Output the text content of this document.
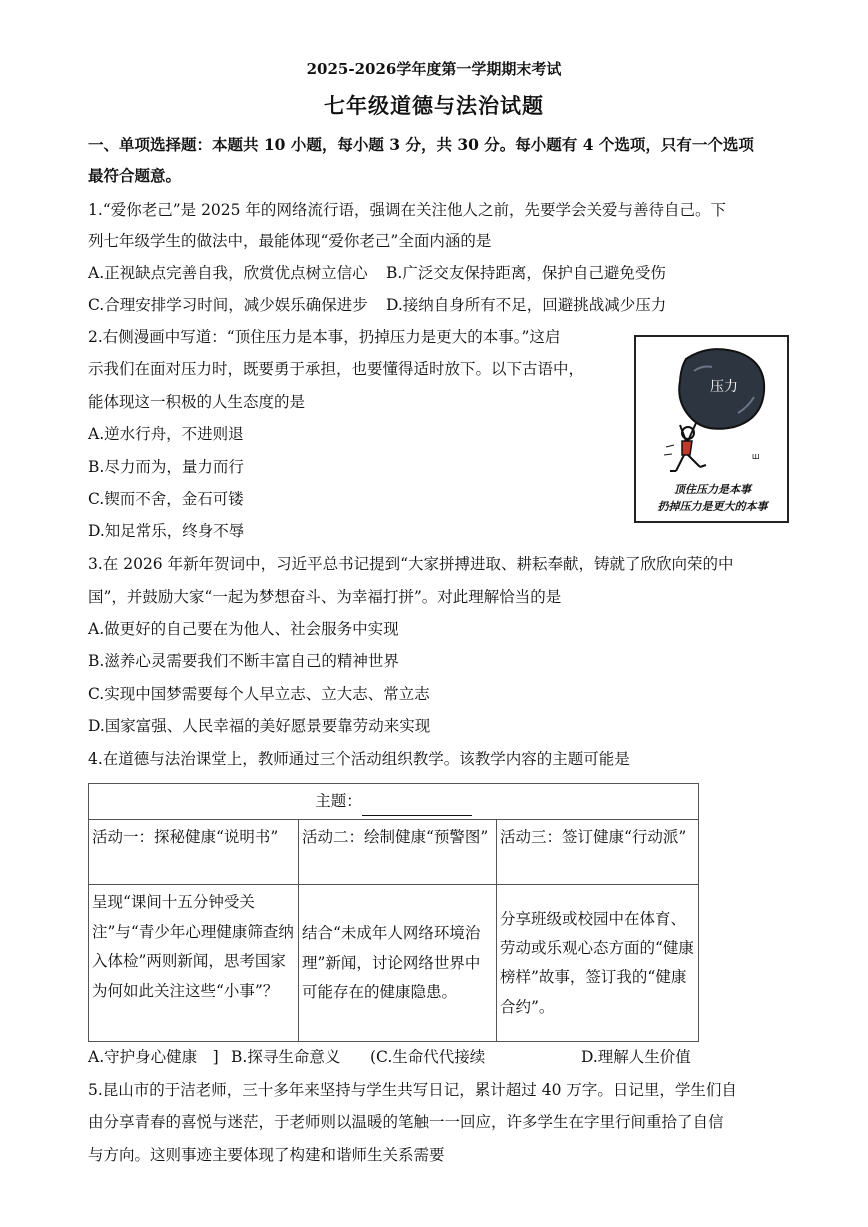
2025-2026学年度第一学期期末考试
七年级道德与法治试题
一、单项选择题：本题共 10 小题，每小题 3 分，共 30 分。每小题有 4 个选项，只有一个选项
最符合题意。
1.“爱你老己”是 2025 年的网络流行语，强调在关注他人之前，先要学会关爱与善待自己。下
列七年级学生的做法中，最能体现“爱你老己”全面内涵的是
A.正视缺点完善自我，欣赏优点树立信心 B.广泛交友保持距离，保护自己避免受伤
C.合理安排学习时间，减少娱乐确保进步 D.接纳自身所有不足，回避挑战减少压力
2.右侧漫画中写道：“顶住压力是本事，扔掉压力是更大的本事。”这启
示我们在面对压力时，既要勇于承担，也要懂得适时放下。以下古语中，
能体现这一积极的人生态度的是
A.逆水行舟，不进则退
B.尽力而为，量力而行
C.锲而不舍，金石可镂
D.知足常乐，终身不辱
Ш
压力
顶住压力是本事
扔掉压力是更大的本事
3.在 2026 年新年贺词中，习近平总书记提到“大家拼搏进取、耕耘奉献，铸就了欣欣向荣的中
国”，并鼓励大家“一起为梦想奋斗、为幸福打拼”。对此理解恰当的是
A.做更好的自己要在为他人、社会服务中实现
B.滋养心灵需要我们不断丰富自己的精神世界
C.实现中国梦需要每个人早立志、立大志、常立志
D.国家富强、人民幸福的美好愿景要靠劳动来实现
4.在道德与法治课堂上，教师通过三个活动组织教学。该教学内容的主题可能是
主题：		
活动一：探秘健康“说明书”	活动二：绘制健康“预警图”	活动三：签订健康“行动派”
呈现“课间十五分钟受关注”与“青少年心理健康筛查纳入体检”两则新闻，思考国家为何如此关注这些“小事”？	结合“未成年人网络环境治理”新闻，讨论网络世界中可能存在的健康隐患。	分享班级或校园中在体育、劳动或乐观心态方面的“健康榜样”故事，签订我的“健康合约”。
A.守护身心健康　] B.探寻生命意义 (C.生命代代接续	D.理解人生价值
5.昆山市的于洁老师，三十多年来坚持与学生共写日记，累计超过 40 万字。日记里，学生们自
由分享青春的喜悦与迷茫，于老师则以温暖的笔触一一回应，许多学生在字里行间重拾了自信
与方向。这则事迹主要体现了构建和谐师生关系需要
